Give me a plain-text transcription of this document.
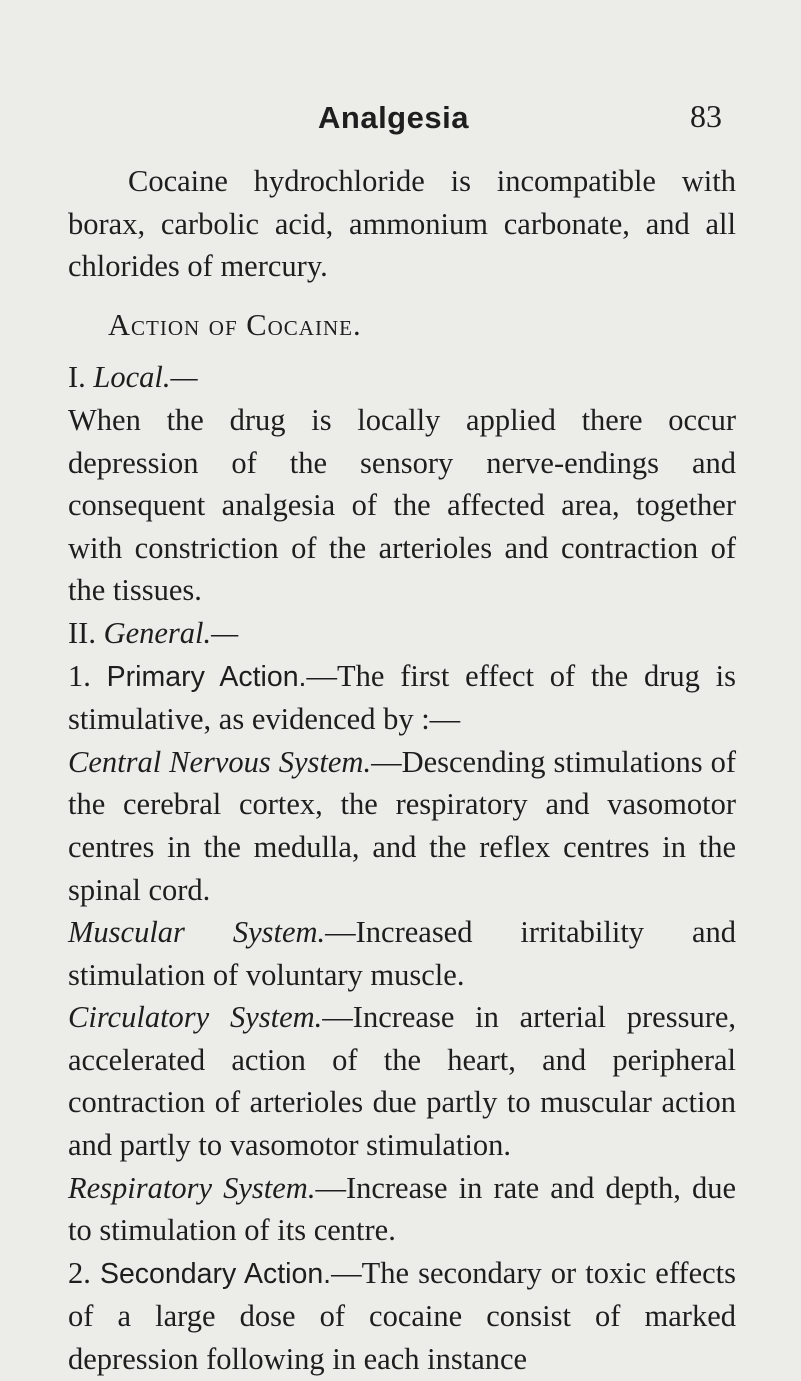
Analgesia	83

Cocaine hydrochloride is incompatible with borax, carbolic acid, ammonium carbonate, and all chlorides of mercury.

Action of Cocaine.

I. Local.—

When the drug is locally applied there occur depression of the sensory nerve-endings and consequent analgesia of the affected area, together with constriction of the arterioles and contraction of the tissues.

II. General.—

1. Primary Action.—The first effect of the drug is stimulative, as evidenced by :—

Central Nervous System.—Descending stimulations of the cerebral cortex, the respiratory and vasomotor centres in the medulla, and the reflex centres in the spinal cord.

Muscular System.—Increased irritability and stimulation of voluntary muscle.

Circulatory System.—Increase in arterial pressure, accelerated action of the heart, and peripheral contraction of arterioles due partly to muscular action and partly to vasomotor stimulation.

Respiratory System.—Increase in rate and depth, due to stimulation of its centre.

2. Secondary Action.—The secondary or toxic effects of a large dose of cocaine consist of marked depression following in each instance
